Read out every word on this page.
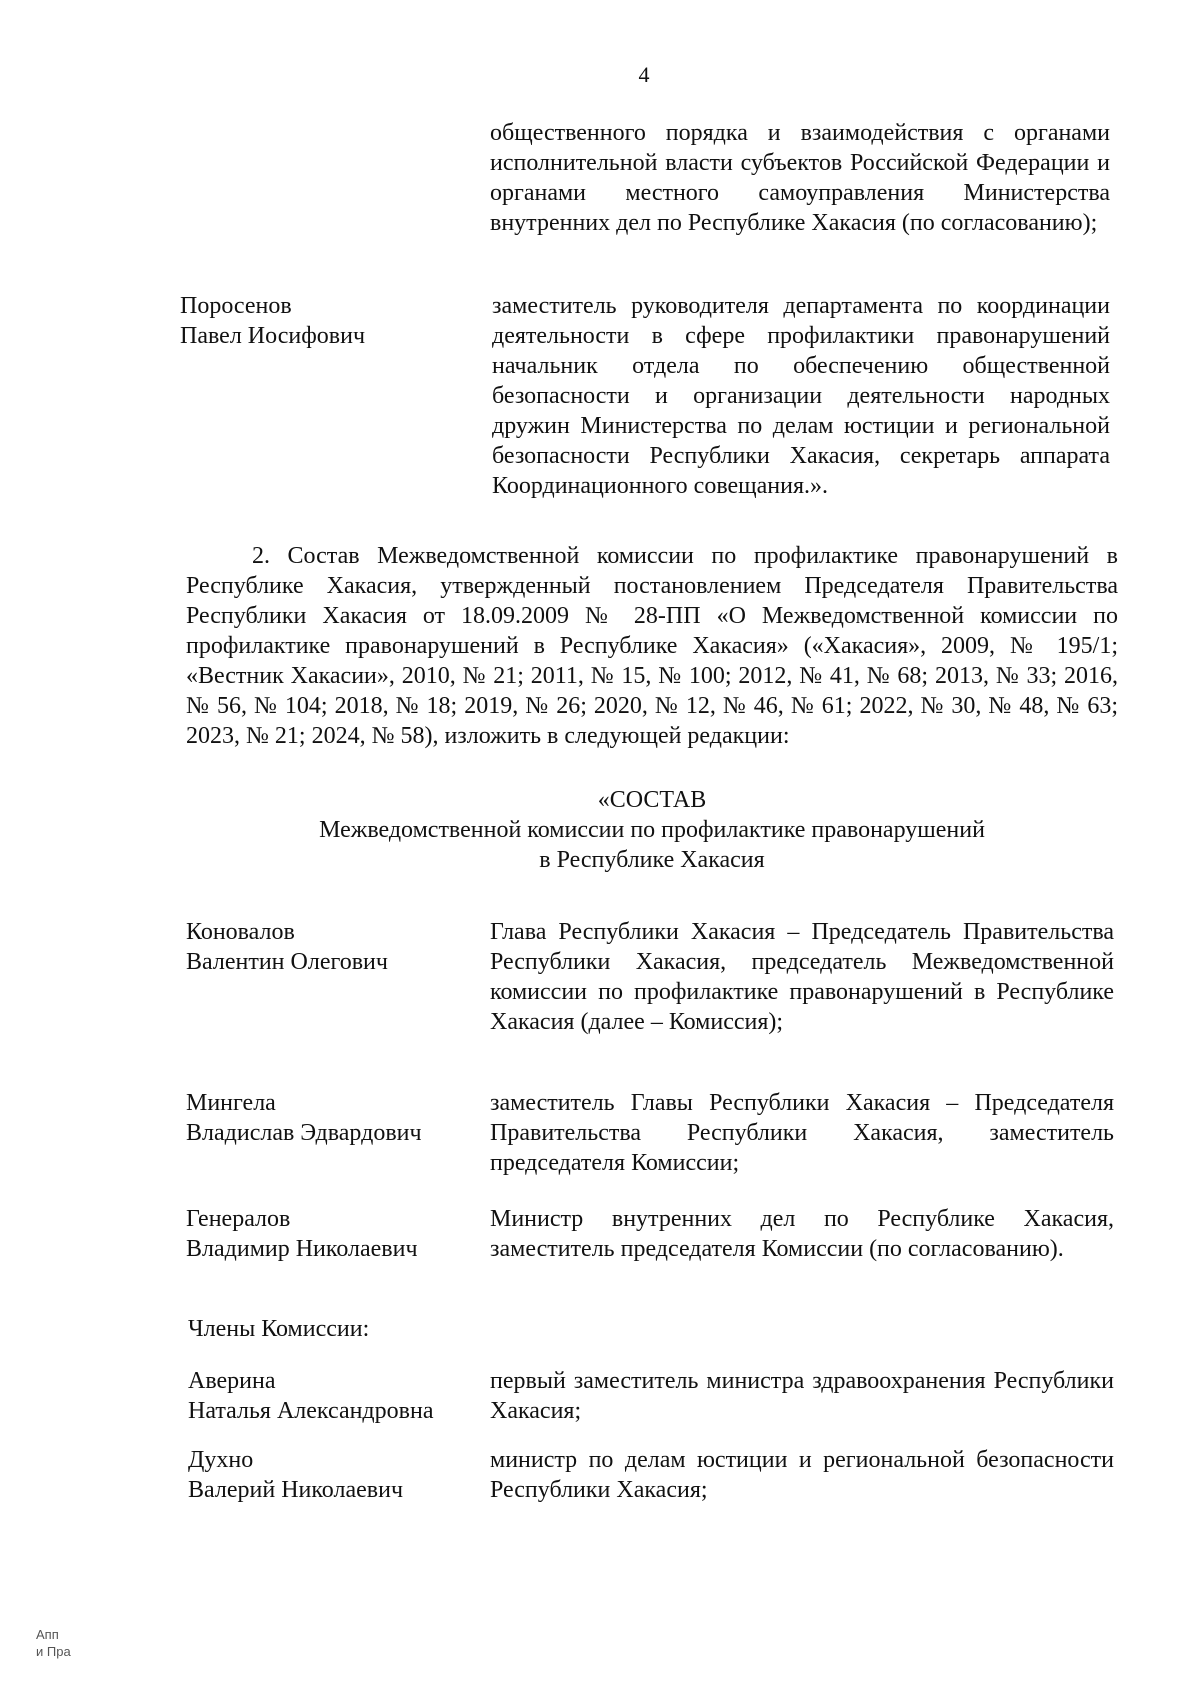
4
общественного порядка и взаимодействия с органами исполнительной власти субъектов Российской Федерации и органами местного самоуправления Министерства внутренних дел по Республике Хакасия (по согласованию);
Поросенов
Павел Иосифович
заместитель руководителя департамента по координации деятельности в сфере профилактики правонарушений начальник отдела по обеспечению общественной безопасности и организации деятельности народных дружин Министерства по делам юстиции и региональной безопасности Республики Хакасия, секретарь аппарата Координационного совещания.».
2. Состав Межведомственной комиссии по профилактике правонарушений в Республике Хакасия, утвержденный постановлением Председателя Правительства Республики Хакасия от 18.09.2009 № 28-ПП «О Межведомственной комиссии по профилактике правонарушений в Республике Хакасия» («Хакасия», 2009, № 195/1; «Вестник Хакасии», 2010, № 21; 2011, № 15, № 100; 2012, № 41, № 68; 2013, № 33; 2016, № 56, № 104; 2018, № 18; 2019, № 26; 2020, № 12, № 46, № 61; 2022, № 30, № 48, № 63; 2023, № 21; 2024, № 58), изложить в следующей редакции:
«СОСТАВ
Межведомственной комиссии по профилактике правонарушений
в Республике Хакасия
Коновалов
Валентин Олегович
Глава Республики Хакасия – Председатель Правительства Республики Хакасия, председатель Межведомственной комиссии по профилактике правонарушений в Республике Хакасия (далее – Комиссия);
Мингела
Владислав Эдвардович
заместитель Главы Республики Хакасия – Председателя Правительства Республики Хакасия, заместитель председателя Комиссии;
Генералов
Владимир Николаевич
Министр внутренних дел по Республике Хакасия, заместитель председателя Комиссии (по согласованию).
Члены Комиссии:
Аверина
Наталья Александровна
первый заместитель министра здравоохранения Республики Хакасия;
Духно
Валерий Николаевич
министр по делам юстиции и региональной безопасности Республики Хакасия;
Апп
и Пра
